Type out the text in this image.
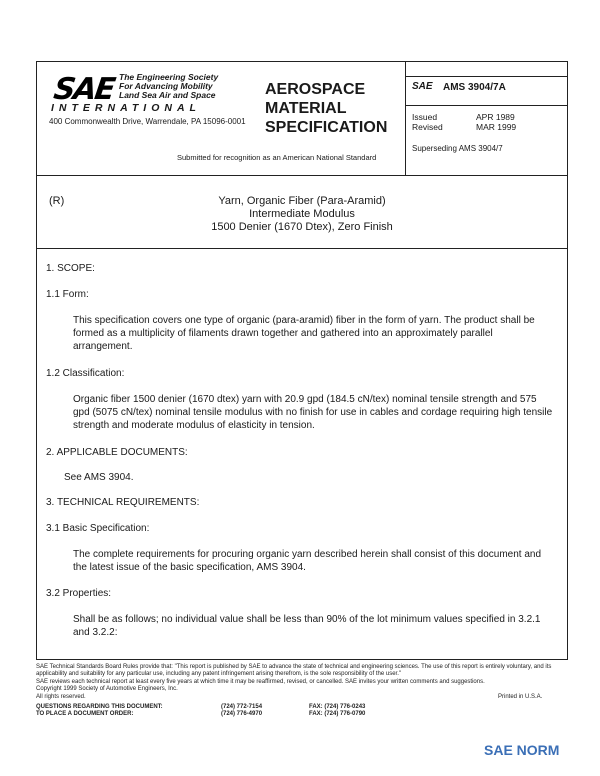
SAE The Engineering Society
For Advancing Mobility
Land Sea Air and Space
INTERNATIONAL
400 Commonwealth Drive, Warrendale, PA 15096-0001
AEROSPACE
MATERIAL
SPECIFICATION
Submitted for recognition as an American National Standard
SAE AMS 3904/7A
Issued	APR 1989
Revised	MAR 1999
Superseding AMS 3904/7
(R)	Yarn, Organic Fiber (Para-Aramid)
Intermediate Modulus
1500 Denier (1670 Dtex), Zero Finish
1. SCOPE:
1.1 Form:
This specification covers one type of organic (para-aramid) fiber in the form of yarn. The product shall be formed as a multiplicity of filaments drawn together and gathered into an approximately parallel arrangement.
1.2 Classification:
Organic fiber 1500 denier (1670 dtex) yarn with 20.9 gpd (184.5 cN/tex) nominal tensile strength and 575 gpd (5075 cN/tex) nominal tensile modulus with no finish for use in cables and cordage requiring high tensile strength and moderate modulus of elasticity in tension.
2. APPLICABLE DOCUMENTS:
See AMS 3904.
3. TECHNICAL REQUIREMENTS:
3.1 Basic Specification:
The complete requirements for procuring organic yarn described herein shall consist of this document and the latest issue of the basic specification, AMS 3904.
3.2 Properties:
Shall be as follows; no individual value shall be less than 90% of the lot minimum values specified in 3.2.1 and 3.2.2:
SAE Technical Standards Board Rules provide that: "This report is published by SAE to advance the state of technical and engineering sciences. The use of this report is entirely voluntary, and its applicability and suitability for any particular use, including any patent infringement arising therefrom, is the sole responsibility of the user."
SAE reviews each technical report at least every five years at which time it may be reaffirmed, revised, or cancelled. SAE invites your written comments and suggestions.
Copyright 1999 Society of Automotive Engineers, Inc.
All rights reserved.	Printed in U.S.A.
QUESTIONS REGARDING THIS DOCUMENT:	(724) 772-7154	FAX: (724) 776-0243
TO PLACE A DOCUMENT ORDER:	(724) 776-4970	FAX: (724) 776-0790
SAE NORM
